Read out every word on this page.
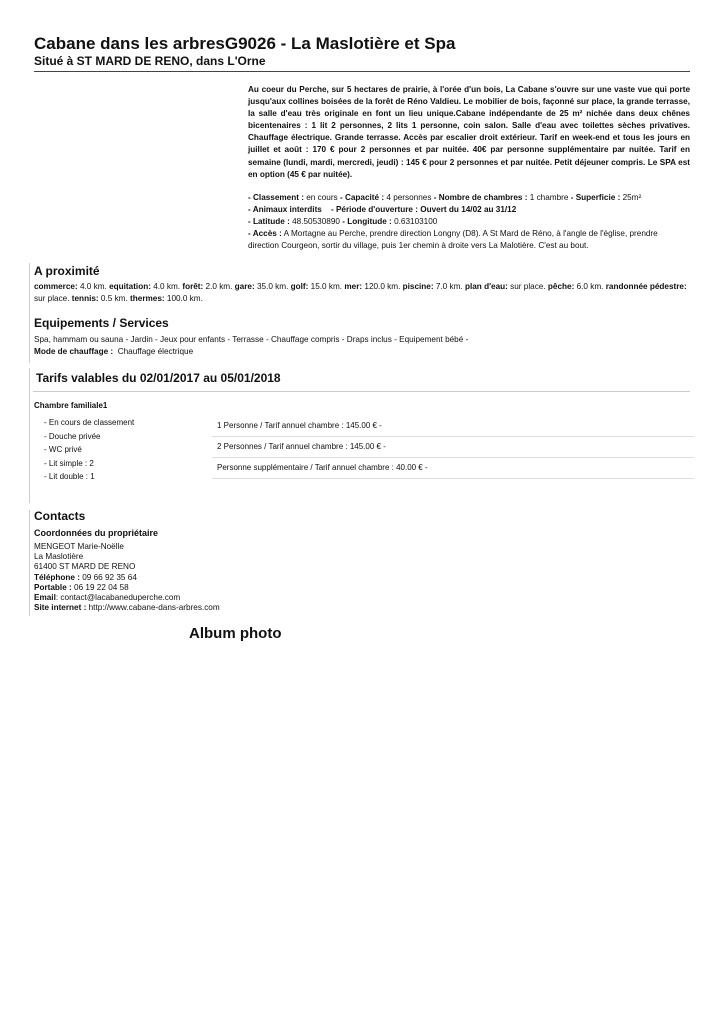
Cabane dans les arbresG9026 - La Maslotière et Spa
Situé à ST MARD DE RENO, dans L'Orne
Au coeur du Perche, sur 5 hectares de prairie, à l'orée d'un bois, La Cabane s'ouvre sur une vaste vue qui porte jusqu'aux collines boisées de la forêt de Réno Valdieu. Le mobilier de bois, façonné sur place, la grande terrasse, la salle d'eau très originale en font un lieu unique.Cabane indépendante de 25 m² nichée dans deux chênes bicentenaires : 1 lit 2 personnes, 2 lits 1 personne, coin salon. Salle d'eau avec toilettes sèches privatives. Chauffage électrique. Grande terrasse. Accès par escalier droit extérieur. Tarif en week-end et tous les jours en juillet et août : 170 € pour 2 personnes et par nuitée. 40€ par personne supplémentaire par nuitée. Tarif en semaine (lundi, mardi, mercredi, jeudi) : 145 € pour 2 personnes et par nuitée. Petit déjeuner compris. Le SPA est en option (45 € par nuitée).
- Classement : en cours - Capacité : 4 personnes - Nombre de chambres : 1 chambre - Superficie : 25m²
- Animaux interdits - Période d'ouverture : Ouvert du 14/02 au 31/12
- Latitude : 48.50530890 - Longitude : 0.63103100
- Accès : A Mortagne au Perche, prendre direction Longny (D8). A St Mard de Réno, à l'angle de l'église, prendre direction Courgeon, sortir du village, puis 1er chemin à droite vers La Malotière. C'est au bout.
A proximité
commerce: 4.0 km. equitation: 4.0 km. forêt: 2.0 km. gare: 35.0 km. golf: 15.0 km. mer: 120.0 km. piscine: 7.0 km. plan d'eau: sur place. pêche: 6.0 km. randonnée pédestre: sur place. tennis: 0.5 km. thermes: 100.0 km.
Equipements / Services
Spa, hammam ou sauna - Jardin - Jeux pour enfants - Terrasse - Chauffage compris - Draps inclus - Equipement bébé -
Mode de chauffage : Chauffage électrique
Tarifs valables du 02/01/2017 au 05/01/2018
Chambre familiale1
- En cours de classement
- Douche privée
- WC privé
- Lit simple : 2
- Lit double : 1
1 Personne / Tarif annuel chambre : 145.00 € -
2 Personnes / Tarif annuel chambre : 145.00 € -
Personne supplémentaire / Tarif annuel chambre : 40.00 € -
Contacts
Coordonnées du propriétaire
MENGEOT Marie-Noëlle
La Maslotière
61400 ST MARD DE RENO
Téléphone : 09 66 92 35 64
Portable : 06 19 22 04 58
Email: contact@lacabaneduperche.com
Site internet : http://www.cabane-dans-arbres.com
Album photo
